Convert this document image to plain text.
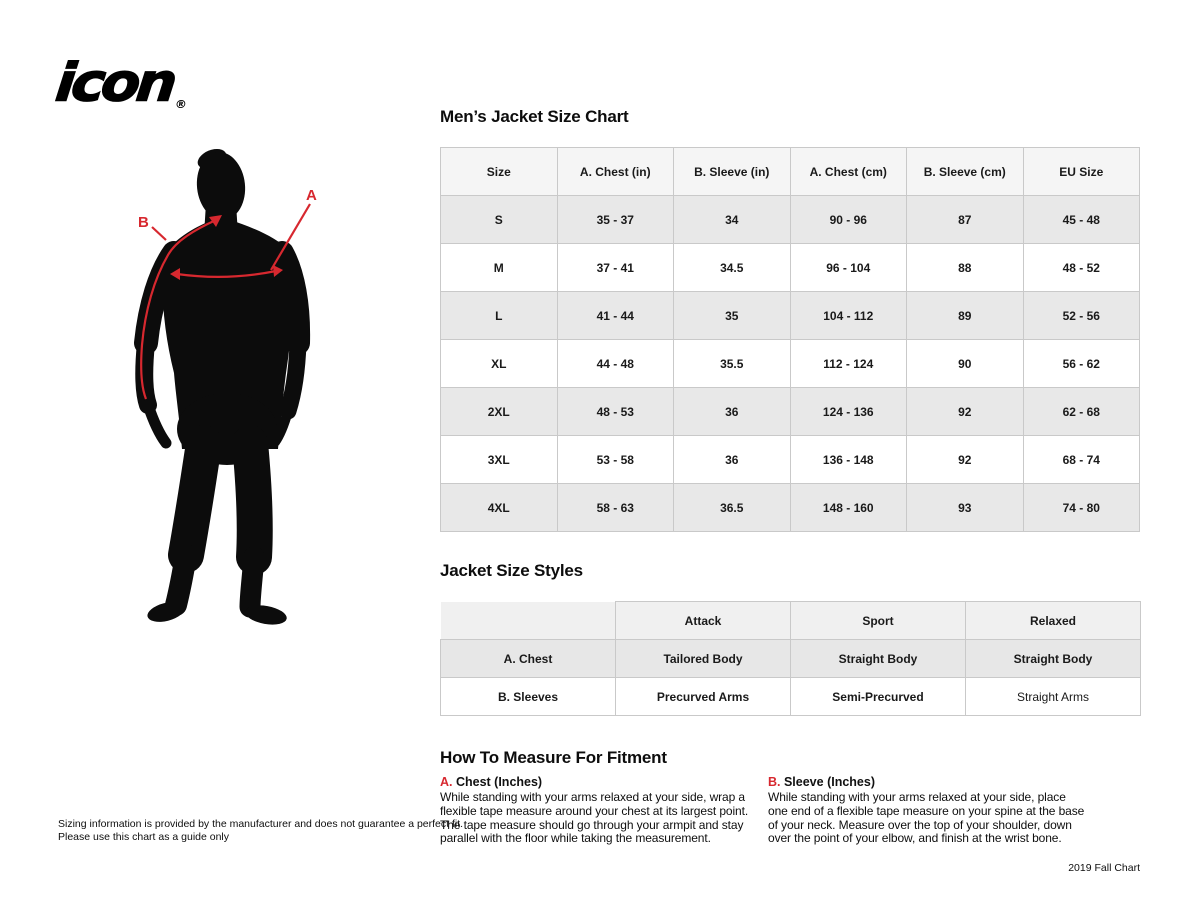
icon®
B
A
Men’s Jacket Size Chart
Size	A. Chest (in)	B. Sleeve (in)	A. Chest (cm)	B. Sleeve (cm)	EU Size
S	35 - 37	34	90 - 96	87	45 - 48
M	37 - 41	34.5	96 - 104	88	48 - 52
L	41 - 44	35	104 - 112	89	52 - 56
XL	44 - 48	35.5	112 - 124	90	56 - 62
2XL	48 - 53	36	124 - 136	92	62 - 68
3XL	53 - 58	36	136 - 148	92	68 - 74
4XL	58 - 63	36.5	148 - 160	93	74 - 80
Jacket Size Styles
	Attack	Sport	Relaxed
A. Chest	Tailored Body	Straight Body	Straight Body
B. Sleeves	Precurved Arms	Semi-Precurved	Straight Arms
How To Measure For Fitment
A. Chest (Inches)
While standing with your arms relaxed at your side, wrap a flexible tape measure around your chest at its largest point. The tape measure should go through your armpit and stay parallel with the floor while taking the measurement.
B. Sleeve (Inches)
While standing with your arms relaxed at your side, place one end of a flexible tape measure on your spine at the base of your neck. Measure over the top of your shoulder, down over the point of your elbow, and finish at the wrist bone.
Sizing information is provided by the manufacturer and does not guarantee a perfect fit.
Please use this chart as a guide only
2019 Fall Chart
